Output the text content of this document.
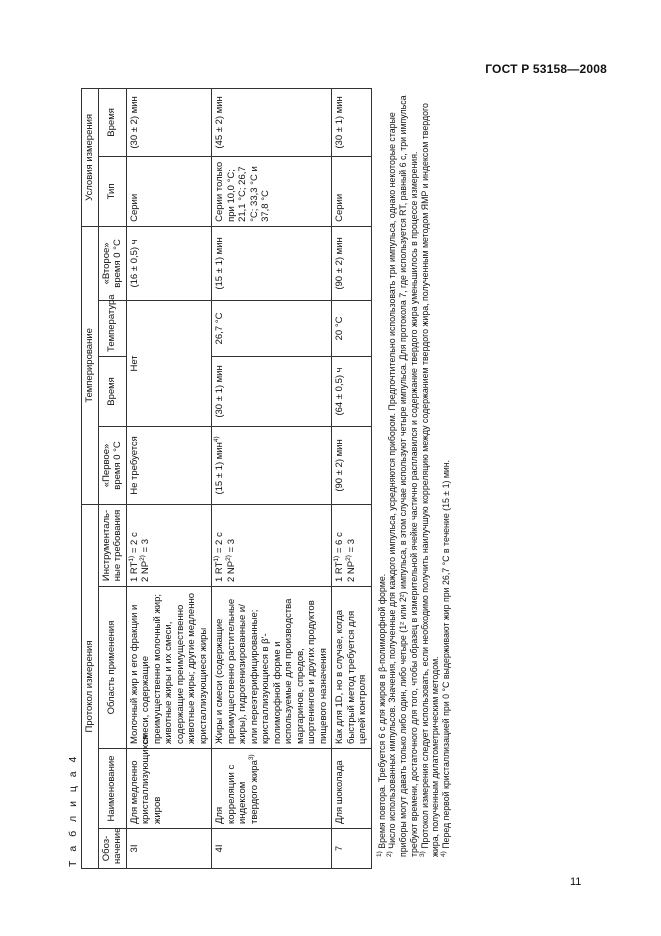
ГОСТ Р 53158—2008
Т а б л и ц а 4
Протокол измерения				Темперирование				Условия измерения	
Обоз-начение	Наименование	Область применения	Инструменталь-ные требования	«Первое» время 0 °С	Время	Температура	«Второе» время 0 °С	Тип	Время
3I	Для медленно кристаллизующихся жиров	Молочный жир и его фракции и смеси, содержащие преимущественно молочный жир; животные жиры и их смеси, содержащие преимущественно животные жиры; другие медленно кристаллизующиеся жиры	1 $RT^{1)} = 2$ с
2 $NP^{2)} = 3$	Не требуется	Нет		(16 ± 0,5) ч	Серии	(30 ± 2) мин
4I	Для корреляции с индексом твердого жира$^{3)}$	Жиры и смеси (содержащие преимущественно растительные жиры), гидрогенизированные и/или переэтерифицированные; кристаллизующиеся в β'-полиморфной форме и используемые для производства маргаринов, спредов, шортенингов и других продуктов пищевого назначения	1 $RT^{1)} = 2$ с
2 $NP^{2)} = 3$	(15 ± 1) мин$^{4)}$	(30 ± 1) мин	26,7 °С	(15 ± 1) мин	Серии только при 10,0 °С; 21,1 °С; 26,7 °С; 33,3 °С и 37,8 °С	(45 ± 2) мин
7	Для шоколада	Как для 1D, но в случае, когда быстрый метод требуется для целей контроля	1 $RT^{1)} = 6$ с
2 $NP^{2)} = 3$	(90 ± 2) мин	(64 ± 0,5) ч	20 °С	(90 ± 2) мин	Серии	(30 ± 1) мин
$^{1)}$ Время повтора. Требуется 6 с для жиров в β-полиморфной форме.
$^{2)}$ Число использованных импульсов. Значения, полученные для каждого импульса, усредняются прибором. Предпочтительно использовать три импульса, однако некоторые старые приборы могут давать только либо один, либо четыре (1² или 2²) импульса, в этом случае используют четыре импульса. Для протокола 7, где используется RT, равный 6 с, три импульса требуют времени, достаточного для того, чтобы образец в измерительной ячейке частично расплавился и содержание твердого жира уменьшилось в процессе измерения. $^{3)}$ Протокол измерения следует использовать, если необходимо получить наилучшую корреляцию между содержанием твердого жира, полученным методом ЯМР и индексом твердого жира, полученным дилатометрическим методом. $^{4)}$ Перед первой кристаллизацией при 0 °С выдерживают жир при 26,7 °С в течение (15 ± 1) мин.
11
